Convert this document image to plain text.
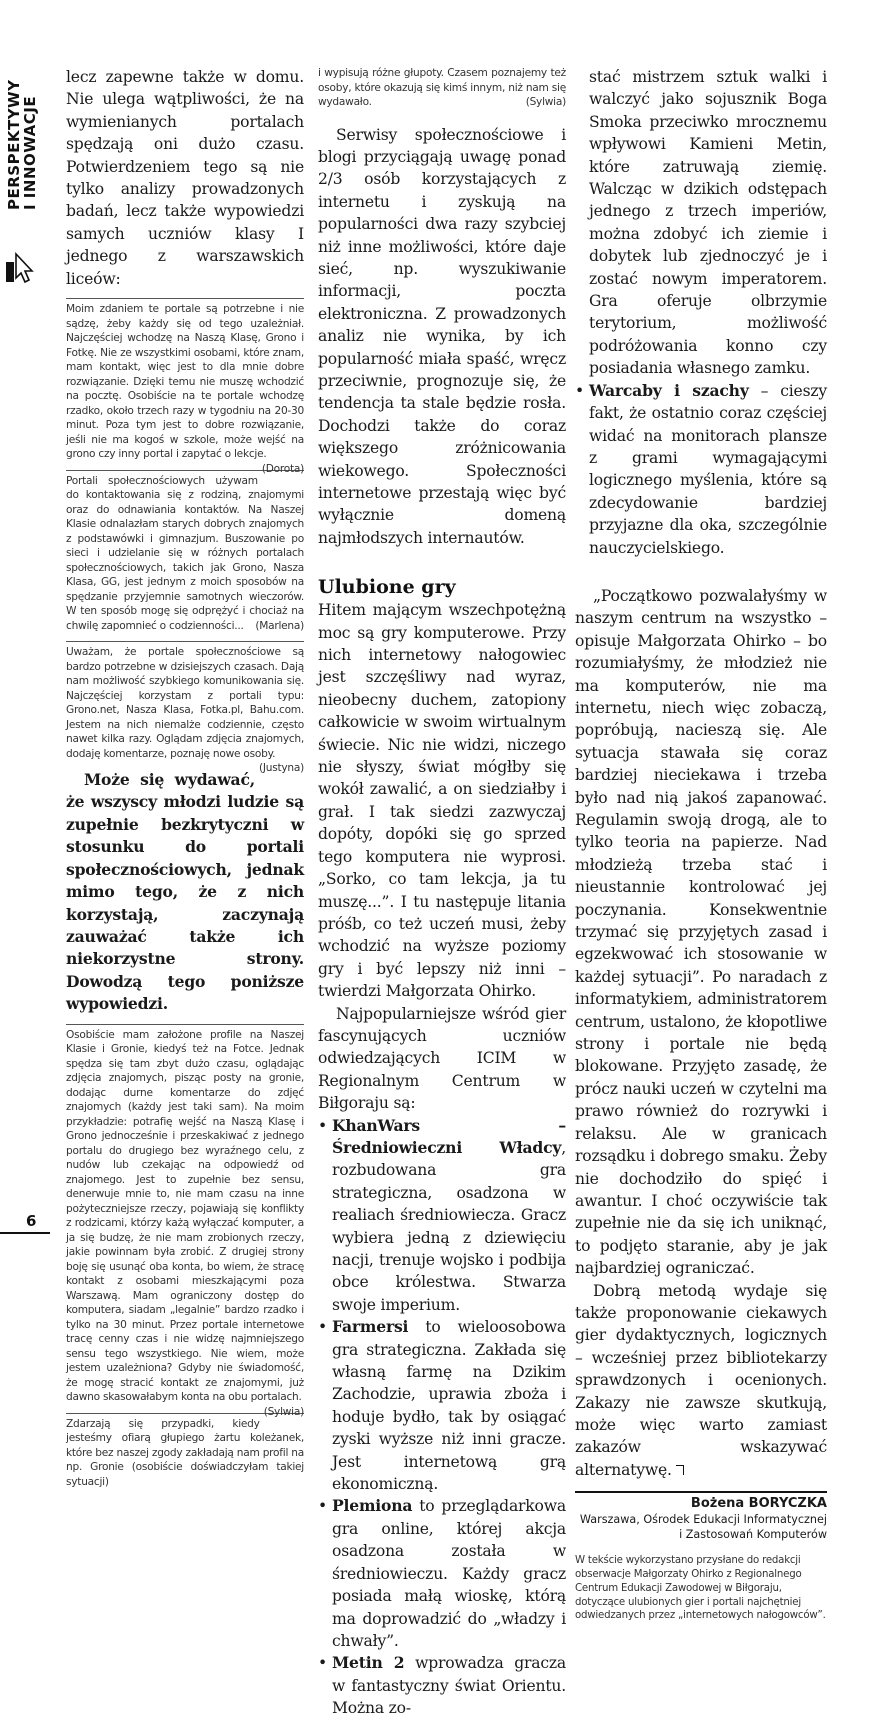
PERSPEKTYWY I INNOWACJE

lecz zapewne także w domu. Nie ulega wątpliwości, że na wymienianych portalach spędzają oni dużo czasu. Potwierdzeniem tego są nie tylko analizy prowadzonych badań, lecz także wypowiedzi samych uczniów klasy I jednego z warszawskich liceów:

Moim zdaniem te portale są potrzebne i nie sądzę, żeby każdy się od tego uzależniał. Najczęściej wchodzę na Naszą Klasę, Grono i Fotkę. Nie ze wszystkimi osobami, które znam, mam kontakt, więc jest to dla mnie dobre rozwiązanie. Dzięki temu nie muszę wchodzić na pocztę. Osobiście na te portale wchodzę rzadko, około trzech razy w tygodniu na 20-30 minut. Poza tym jest to dobre rozwiązanie, jeśli nie ma kogoś w szkole, może wejść na grono czy inny portal i zapytać o lekcje.
(Dorota)

Portali społecznościowych używam do kontaktowania się z rodziną, znajomymi oraz do odnawiania kontaktów. Na Naszej Klasie odnalazłam starych dobrych znajomych z podstawówki i gimnazjum. Buszowanie po sieci i udzielanie się w różnych portalach społecznościowych, takich jak Grono, Nasza Klasa, GG, jest jednym z moich sposobów na spędzanie przyjemnie samotnych wieczorów. W ten sposób mogę się odprężyć i chociaż na chwilę zapomnieć o codzienności... (Marlena)

Uważam, że portale społecznościowe są bardzo potrzebne w dzisiejszych czasach. Dają nam możliwość szybkiego komunikowania się. Najczęściej korzystam z portali typu: Grono.net, Nasza Klasa, Fotka.pl, Bahu.com. Jestem na nich niemalże codziennie, często nawet kilka razy. Oglądam zdjęcia znajomych, dodaję komentarze, poznaję nowe osoby.
(Justyna)

Może się wydawać, że wszyscy młodzi ludzie są zupełnie bezkrytyczni w stosunku do portali społecznościowych, jednak mimo tego, że z nich korzystają, zaczynają zauważać także ich niekorzystne strony. Dowodzą tego poniższe wypowiedzi.

Osobiście mam założone profile na Naszej Klasie i Gronie, kiedyś też na Fotce. Jednak spędza się tam zbyt dużo czasu, oglądając zdjęcia znajomych, pisząc posty na gronie, dodając durne komentarze do zdjęć znajomych (każdy jest taki sam). Na moim przykładzie: potrafię wejść na Naszą Klasę i Grono jednocześnie i przeskakiwać z jednego portalu do drugiego bez wyraźnego celu, z nudów lub czekając na odpowiedź od znajomego. Jest to zupełnie bez sensu, denerwuje mnie to, nie mam czasu na inne pożyteczniejsze rzeczy, pojawiają się konflikty z rodzicami, którzy każą wyłączać komputer, a ja się budzę, że nie mam zrobionych rzeczy, jakie powinnam była zrobić. Z drugiej strony boję się usunąć oba konta, bo wiem, że stracę kontakt z osobami mieszkającymi poza Warszawą. Mam ograniczony dostęp do komputera, siadam „legalnie” bardzo rzadko i tylko na 30 minut. Przez portale internetowe tracę cenny czas i nie widzę najmniejszego sensu tego wszystkiego. Nie wiem, może jestem uzależniona? Gdyby nie świadomość, że mogę stracić kontakt ze znajomymi, już dawno skasowałabym konta na obu portalach.
(Sylwia)

Zdarzają się przypadki, kiedy jesteśmy ofiarą głupiego żartu koleżanek, które bez naszej zgody zakładają nam profil na np. Gronie (osobiście doświadczyłam takiej sytuacji)

i wypisują różne głupoty. Czasem poznajemy też osoby, które okazują się kimś innym, niż nam się wydawało.	(Sylwia)

Serwisy społecznościowe i blogi przyciągają uwagę ponad 2/3 osób korzystających z internetu i zyskują na popularności dwa razy szybciej niż inne możliwości, które daje sieć, np. wyszukiwanie informacji, poczta elektroniczna. Z prowadzonych analiz nie wynika, by ich popularność miała spaść, wręcz przeciwnie, prognozuje się, że tendencja ta stale będzie rosła. Dochodzi także do coraz większego zróżnicowania wiekowego. Społeczności internetowe przestają więc być wyłącznie domeną najmłodszych internautów.

Ulubione gry

Hitem mającym wszechpotężną moc są gry komputerowe. Przy nich internetowy nałogowiec jest szczęśliwy nad wyraz, nieobecny duchem, zatopiony całkowicie w swoim wirtualnym świecie. Nic nie widzi, niczego nie słyszy, świat mógłby się wokół zawalić, a on siedziałby i grał. I tak siedzi zazwyczaj dopóty, dopóki się go sprzed tego komputera nie wyprosi. „Sorko, co tam lekcja, ja tu muszę...”. I tu następuje litania próśb, co też uczeń musi, żeby wchodzić na wyższe poziomy gry i być lepszy niż inni – twierdzi Małgorzata Ohirko.

Najpopularniejsze wśród gier fascynujących uczniów odwiedzających ICIM w Regionalnym Centrum w Biłgoraju są:

• KhanWars – Średniowieczni Władcy, rozbudowana gra strategiczna, osadzona w realiach średniowiecza. Gracz wybiera jedną z dziewięciu nacji, trenuje wojsko i podbija obce królestwa. Stwarza swoje imperium.
• Farmersi to wieloosobowa gra strategiczna. Zakłada się własną farmę na Dzikim Zachodzie, uprawia zboża i hoduje bydło, tak by osiągać zyski wyższe niż inni gracze. Jest internetową grą ekonomiczną.
• Plemiona to przeglądarkowa gra online, której akcja osadzona została w średniowieczu. Każdy gracz posiada małą wioskę, którą ma doprowadzić do „władzy i chwały”.
• Metin 2 wprowadza gracza w fantastyczny świat Orientu. Można zo-
stać mistrzem sztuk walki i walczyć jako sojusznik Boga Smoka przeciwko mrocznemu wpływowi Kamieni Metin, które zatruwają ziemię. Walcząc w dzikich odstępach jednego z trzech imperiów, można zdobyć ich ziemie i dobytek lub zjednoczyć je i zostać nowym imperatorem. Gra oferuje olbrzymie terytorium, możliwość podróżowania konno czy posiadania własnego zamku.
• Warcaby i szachy – cieszy fakt, że ostatnio coraz częściej widać na monitorach plansze z grami wymagającymi logicznego myślenia, które są zdecydowanie bardziej przyjazne dla oka, szczególnie nauczycielskiego.

„Początkowo pozwalałyśmy w naszym centrum na wszystko – opisuje Małgorzata Ohirko – bo rozumiałyśmy, że młodzież nie ma komputerów, nie ma internetu, niech więc zobaczą, popróbują, nacieszą się. Ale sytuacja stawała się coraz bardziej nieciekawa i trzeba było nad nią jakoś zapanować. Regulamin swoją drogą, ale to tylko teoria na papierze. Nad młodzieżą trzeba stać i nieustannie kontrolować jej poczynania. Konsekwentnie trzymać się przyjętych zasad i egzekwować ich stosowanie w każdej sytuacji”. Po naradach z informatykiem, administratorem centrum, ustalono, że kłopotliwe strony i portale nie będą blokowane. Przyjęto zasadę, że prócz nauki uczeń w czytelni ma prawo również do rozrywki i relaksu. Ale w granicach rozsądku i dobrego smaku. Żeby nie dochodziło do spięć i awantur. I choć oczywiście tak zupełnie nie da się ich uniknąć, to podjęto staranie, aby je jak najbardziej ograniczać.

Dobrą metodą wydaje się także proponowanie ciekawych gier dydaktycznych, logicznych – wcześniej przez bibliotekarzy sprawdzonych i ocenionych. Zakazy nie zawsze skutkują, może więc warto zamiast zakazów wskazywać alternatywę.

Bożena BORYCZKA

Warszawa, Ośrodek Edukacji Informatycznej i Zastosowań Komputerów

W tekście wykorzystano przysłane do redakcji obserwacje Małgorzaty Ohirko z Regionalnego Centrum Edukacji Zawodowej w Biłgoraju, dotyczące ulubionych gier i portali najchętniej odwiedzanych przez „internetowych nałogowców”.

6
